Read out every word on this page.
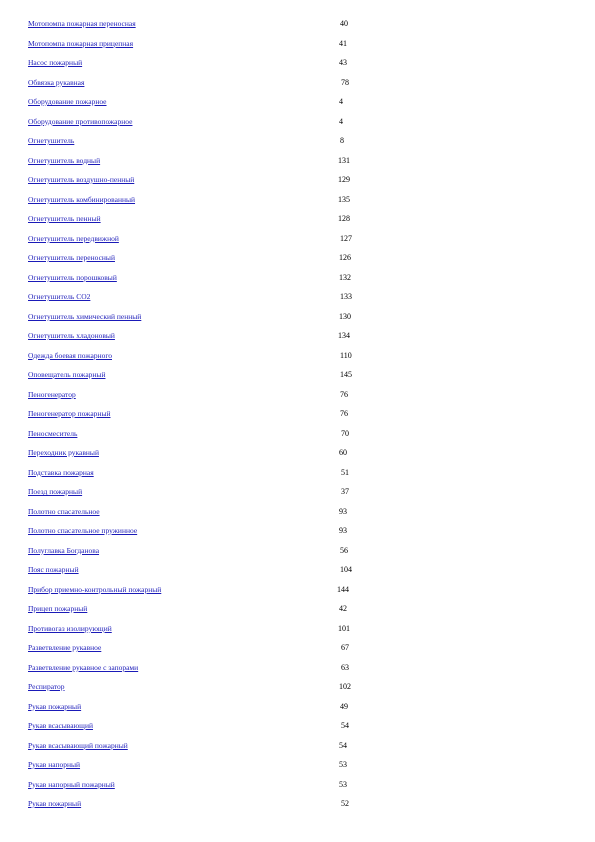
Мотопомпа пожарная переносная	40
Мотопомпа пожарная прицепная	41
Насос пожарный	43
Обвязка рукавная	78
Оборудование пожарное	4
Оборудование противопожарное	4
Огнетушитель	8
Огнетушитель водный	131
Огнетушитель воздушно-пенный	129
Огнетушитель комбинированный	135
Огнетушитель пенный	128
Огнетушитель передвижной	127
Огнетушитель переносный	126
Огнетушитель порошковый	132
Огнетушитель CO2	133
Огнетушитель химический пенный	130
Огнетушитель хладоновый	134
Одежда боевая пожарного	110
Оповещатель пожарный	145
Пеногенератор	76
Пеногенератор пожарный	76
Пеносмеситель	70
Переходник рукавный	60
Подставка пожарная	51
Поезд пожарный	37
Полотно спасательное	93
Полотно спасательное пружинное	93
Полуглавка Богданова	56
Пояс пожарный	104
Прибор приемно-контрольный пожарный	144
Прицеп пожарный	42
Противогаз изолирующий	101
Разветвление рукавное	67
Разветвление рукавное с запорами	63
Респиратор	102
Рукав пожарный	49
Рукав всасывающий	54
Рукав всасывающий пожарный	54
Рукав напорный	53
Рукав напорный пожарный	53
Рукав пожарный	52
